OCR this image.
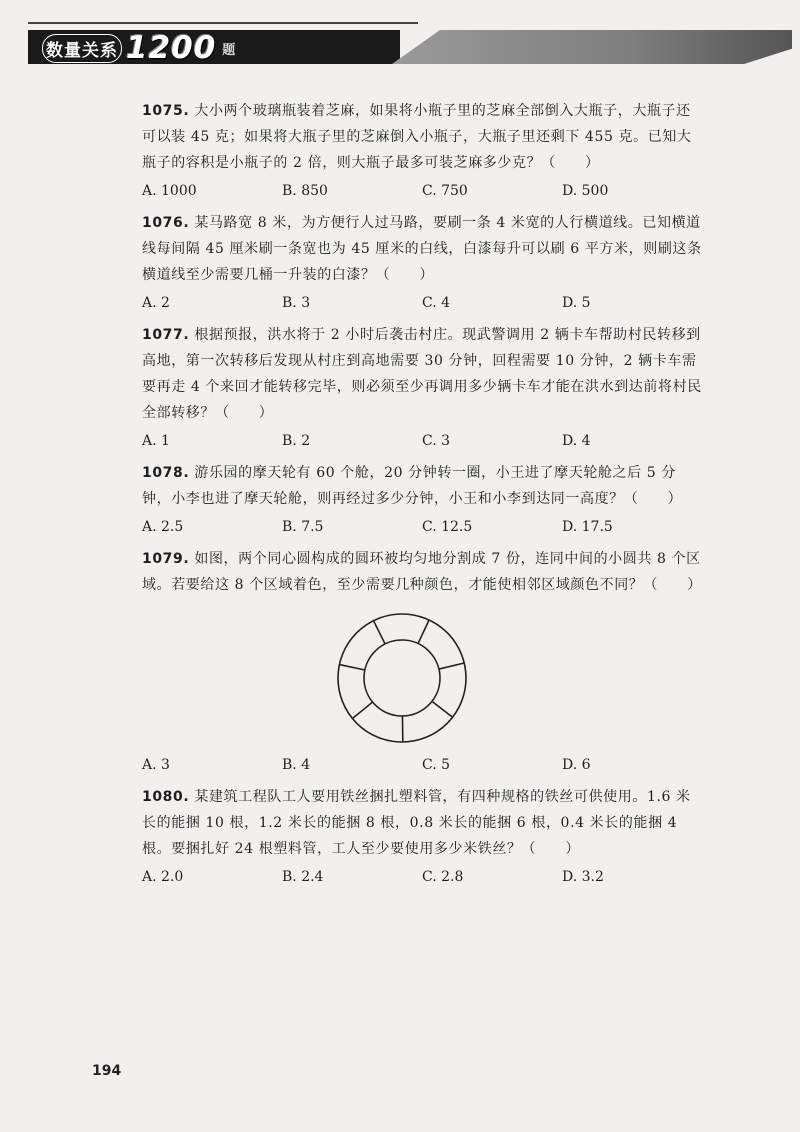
数量关系 1200 题

1075. 大小两个玻璃瓶装着芝麻，如果将小瓶子里的芝麻全部倒入大瓶子，大瓶子还可以装 45 克；如果将大瓶子里的芝麻倒入小瓶子，大瓶子里还剩下 455 克。已知大瓶子的容积是小瓶子的 2 倍，则大瓶子最多可装芝麻多少克？（　　）

A. 1000	B. 850	C. 750	D. 500

1076. 某马路宽 8 米，为方便行人过马路，要刷一条 4 米宽的人行横道线。已知横道线每间隔 45 厘米刷一条宽也为 45 厘米的白线，白漆每升可以刷 6 平方米，则刷这条横道线至少需要几桶一升装的白漆？（　　）

A. 2	B. 3	C. 4	D. 5

1077. 根据预报，洪水将于 2 小时后袭击村庄。现武警调用 2 辆卡车帮助村民转移到高地，第一次转移后发现从村庄到高地需要 30 分钟，回程需要 10 分钟，2 辆卡车需要再走 4 个来回才能转移完毕，则必须至少再调用多少辆卡车才能在洪水到达前将村民全部转移？（　　）

A. 1	B. 2	C. 3	D. 4

1078. 游乐园的摩天轮有 60 个舱，20 分钟转一圈，小王进了摩天轮舱之后 5 分钟，小李也进了摩天轮舱，则再经过多少分钟，小王和小李到达同一高度？（　　）

A. 2.5	B. 7.5	C. 12.5	D. 17.5

1079. 如图，两个同心圆构成的圆环被均匀地分割成 7 份，连同中间的小圆共 8 个区域。若要给这 8 个区域着色，至少需要几种颜色，才能使相邻区域颜色不同？（　　）

A. 3	B. 4	C. 5	D. 6

1080. 某建筑工程队工人要用铁丝捆扎塑料管，有四种规格的铁丝可供使用。1.6 米长的能捆 10 根，1.2 米长的能捆 8 根，0.8 米长的能捆 6 根，0.4 米长的能捆 4 根。要捆扎好 24 根塑料管，工人至少要使用多少米铁丝？（　　）

A. 2.0	B. 2.4	C. 2.8	D. 3.2
194
